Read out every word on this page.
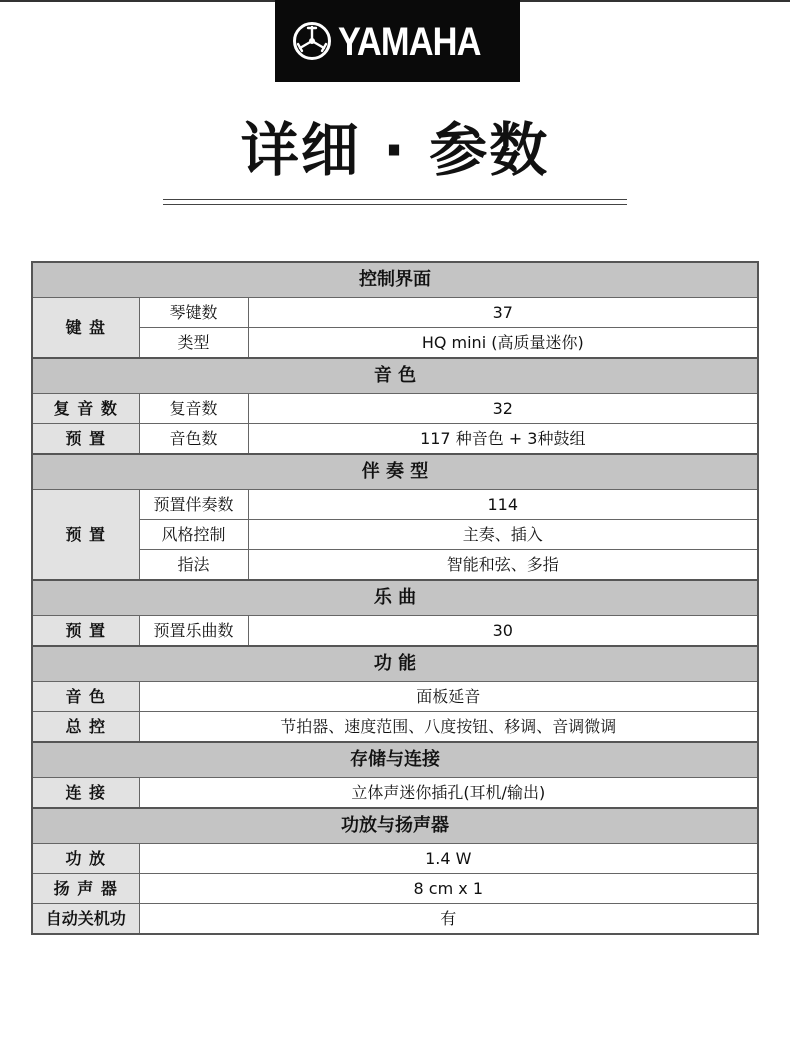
YAMAHA
详细 · 参数
控制界面		
键 盘	琴键数	37
	类型	HQ mini (高质量迷你)
音 色		
复 音 数	复音数	32
预 置	音色数	117 种音色 + 3种鼓组
伴 奏 型		
预 置	预置伴奏数	114
	风格控制	主奏、插入
	指法	智能和弦、多指
乐 曲		
预 置	预置乐曲数	30
功 能		
音 色	面板延音	
总 控	节拍器、速度范围、八度按钮、移调、音调微调	
存储与连接		
连 接	立体声迷你插孔(耳机/输出)	
功放与扬声器		
功 放	1.4 W	
扬 声 器	8 cm x 1	
自动关机功	有	
